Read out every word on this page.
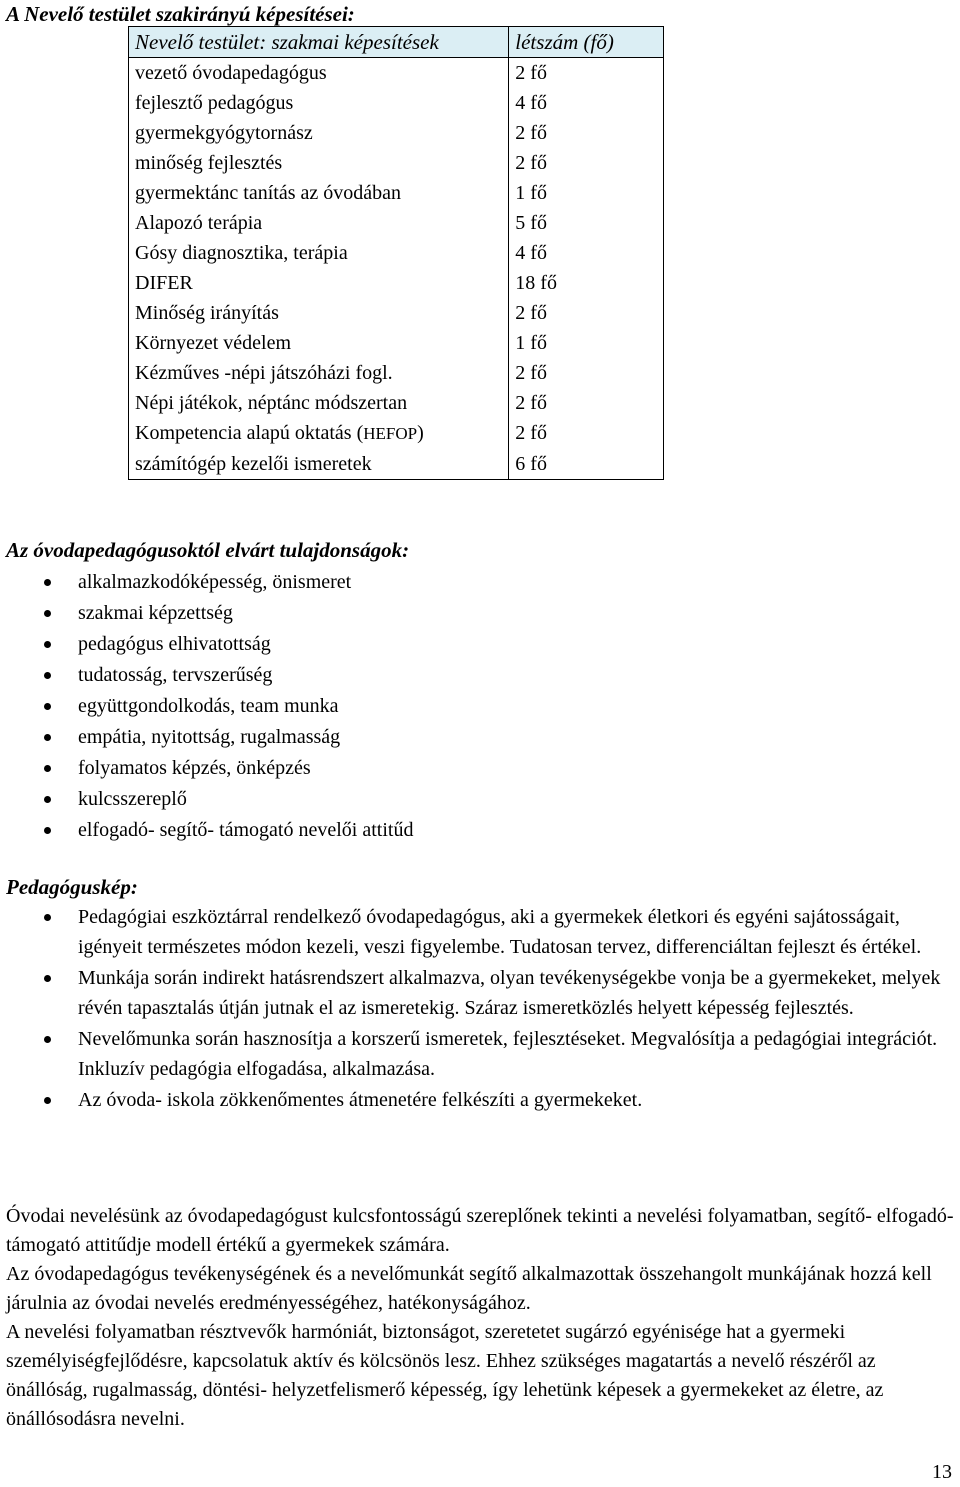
A Nevelő testület szakirányú képesítései:
Nevelő testület: szakmai képesítések	létszám (fő)
vezető óvodapedagógus	2 fő
fejlesztő pedagógus	4 fő
gyermekgyógytornász	2 fő
minőség fejlesztés	2 fő
gyermektánc tanítás az óvodában	1 fő
Alapozó terápia	5 fő
Gósy diagnosztika, terápia	4 fő
DIFER	18 fő
Minőség irányítás	2 fő
Környezet védelem	1 fő
Kézműves -népi játszóházi fogl.	2 fő
Népi játékok, néptánc módszertan	2 fő
Kompetencia alapú oktatás (HEFOP)	2 fő
számítógép kezelői ismeretek	6 fő
Az óvodapedagógusoktól elvárt tulajdonságok:
alkalmazkodóképesség, önismeret
szakmai képzettség
pedagógus elhivatottság
tudatosság, tervszerűség
együttgondolkodás, team munka
empátia, nyitottság, rugalmasság
folyamatos képzés, önképzés
kulcsszereplő
elfogadó- segítő- támogató nevelői attitűd
Pedagóguskép:
Pedagógiai eszköztárral rendelkező óvodapedagógus, aki a gyermekek életkori és egyéni sajátosságait, igényeit természetes módon kezeli, veszi figyelembe. Tudatosan tervez, differenciáltan fejleszt és értékel.
Munkája során indirekt hatásrendszert alkalmazva, olyan tevékenységekbe vonja be a gyermekeket, melyek révén tapasztalás útján jutnak el az ismeretekig. Száraz ismeretközlés helyett képesség fejlesztés.
Nevelőmunka során hasznosítja a korszerű ismeretek, fejlesztéseket. Megvalósítja a pedagógiai integrációt. Inkluzív pedagógia elfogadása, alkalmazása.
Az óvoda- iskola zökkenőmentes átmenetére felkészíti a gyermekeket.

Óvodai nevelésünk az óvodapedagógust kulcsfontosságú szereplőnek tekinti a nevelési folyamatban, segítő- elfogadó- támogató attitűdje modell értékű a gyermekek számára.

Az óvodapedagógus tevékenységének és a nevelőmunkát segítő alkalmazottak összehangolt munkájának hozzá kell járulnia az óvodai nevelés eredményességéhez, hatékonyságához.

A nevelési folyamatban résztvevők harmóniát, biztonságot, szeretetet sugárzó egyénisége hat a gyermeki személyiségfejlődésre, kapcsolatuk aktív és kölcsönös lesz. Ehhez szükséges magatartás a nevelő részéről az önállóság, rugalmasság, döntési- helyzetfelismerő képesség, így lehetünk képesek a gyermekeket az életre, az önállósodásra nevelni.

13
